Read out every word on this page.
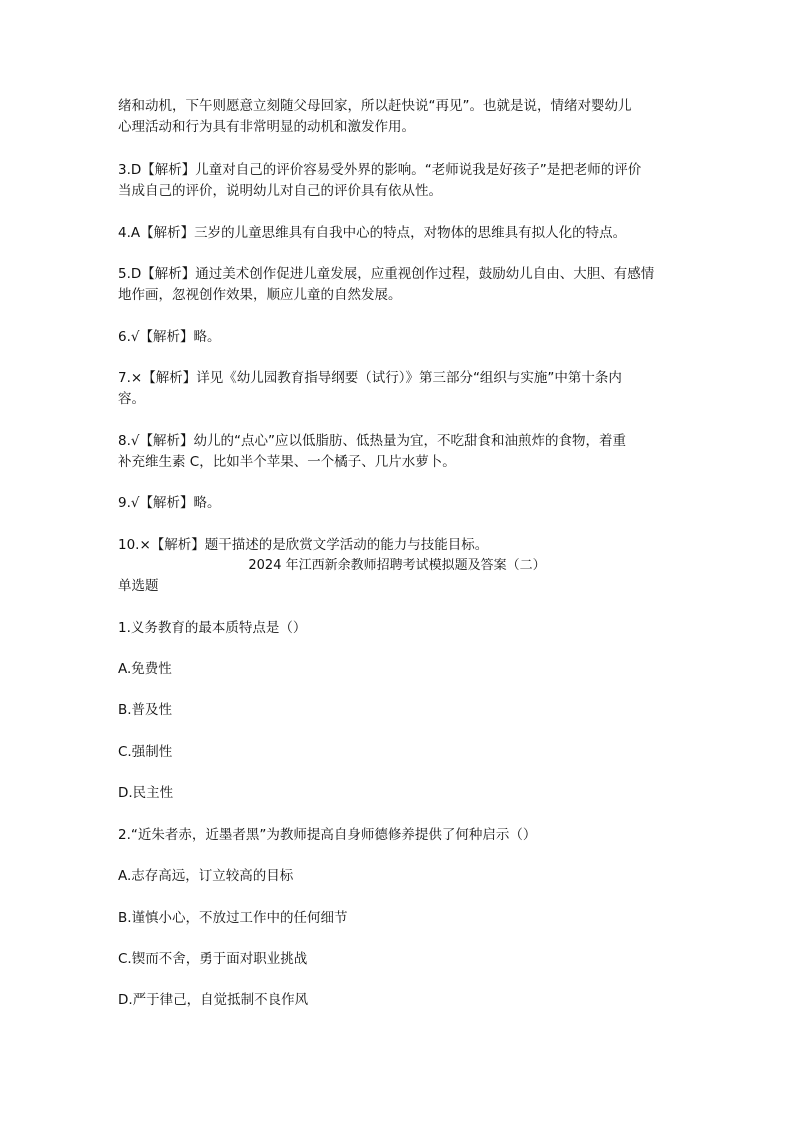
绪和动机，下午则愿意立刻随父母回家，所以赶快说“再见”。也就是说，情绪对婴幼儿
心理活动和行为具有非常明显的动机和激发作用。
3.D【解析】儿童对自己的评价容易受外界的影响。“老师说我是好孩子”是把老师的评价
当成自己的评价，说明幼儿对自己的评价具有依从性。
4.A【解析】三岁的儿童思维具有自我中心的特点，对物体的思维具有拟人化的特点。
5.D【解析】通过美术创作促进儿童发展，应重视创作过程，鼓励幼儿自由、大胆、有感情
地作画，忽视创作效果，顺应儿童的自然发展。
6.√【解析】略。
7.×【解析】详见《幼儿园教育指导纲要（试行）》第三部分“组织与实施”中第十条内
容。
8.√【解析】幼儿的“点心”应以低脂肪、低热量为宜，不吃甜食和油煎炸的食物，着重
补充维生素 C，比如半个苹果、一个橘子、几片水萝卜。
9.√【解析】略。
10.×【解析】题干描述的是欣赏文学活动的能力与技能目标。
2024 年江西新余教师招聘考试模拟题及答案（二）
单选题
1.义务教育的最本质特点是（）
A.免费性
B.普及性
C.强制性
D.民主性
2.“近朱者赤，近墨者黑”为教师提高自身师德修养提供了何种启示（）
A.志存高远，订立较高的目标
B.谨慎小心，不放过工作中的任何细节
C.锲而不舍，勇于面对职业挑战
D.严于律己，自觉抵制不良作风
